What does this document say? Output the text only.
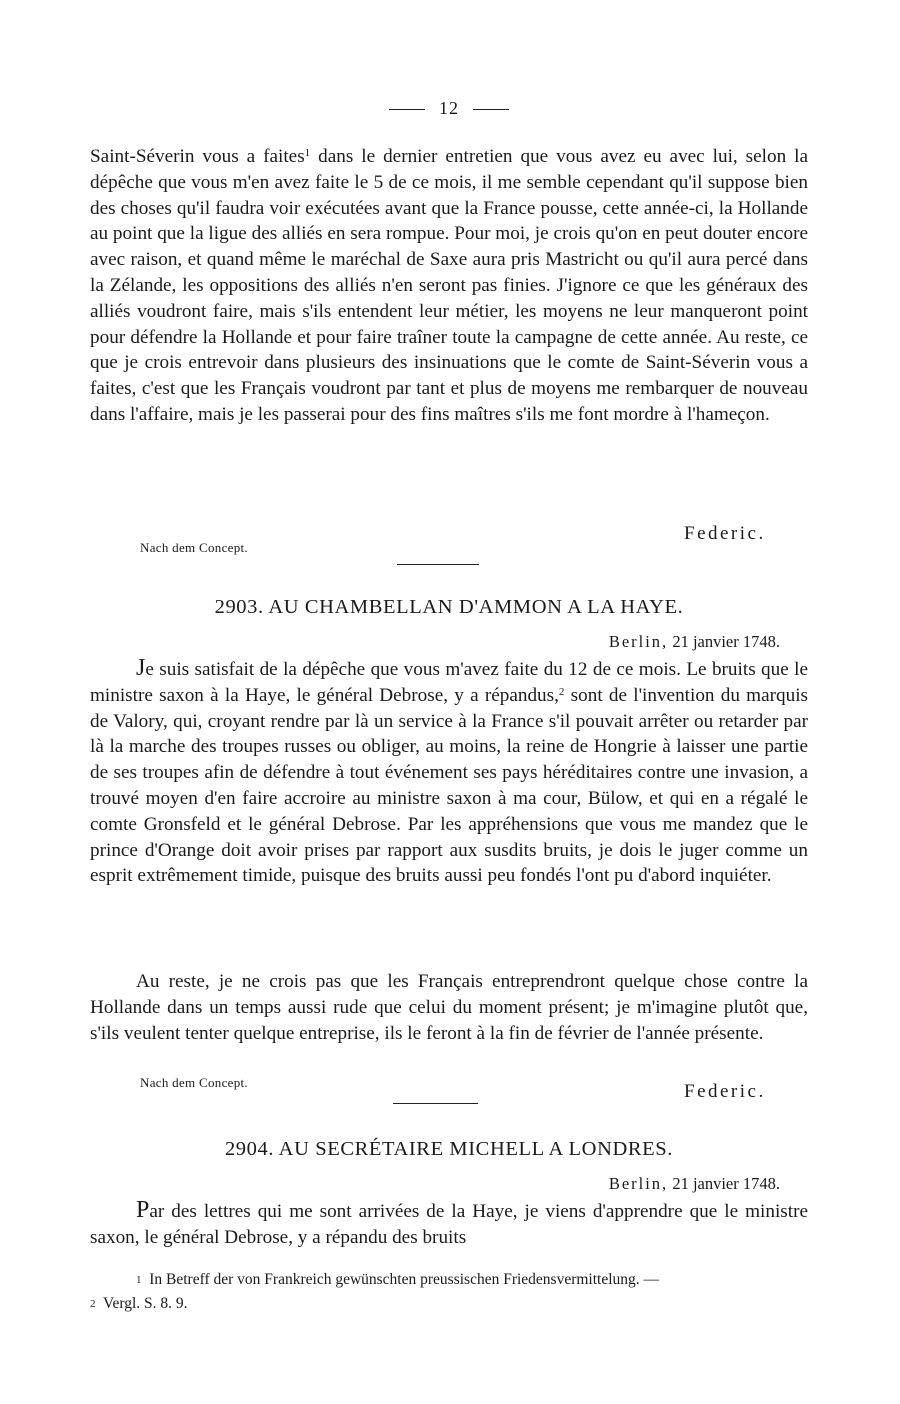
12

Saint-Séverin vous a faites$^1$ dans le dernier entretien que vous avez eu avec lui, selon la dépêche que vous m'en avez faite le 5 de ce mois, il me semble cependant qu'il suppose bien des choses qu'il faudra voir exécutées avant que la France pousse, cette année-ci, la Hollande au point que la ligue des alliés en sera rompue. Pour moi, je crois qu'on en peut douter encore avec raison, et quand même le maréchal de Saxe aura pris Mastricht ou qu'il aura percé dans la Zélande, les oppositions des alliés n'en seront pas finies. J'ignore ce que les généraux des alliés voudront faire, mais s'ils entendent leur métier, les moyens ne leur manqueront point pour défendre la Hollande et pour faire traîner toute la campagne de cette année. Au reste, ce que je crois entrevoir dans plusieurs des insinuations que le comte de Saint-Séverin vous a faites, c'est que les Français voudront par tant et plus de moyens me rembarquer de nouveau dans l'affaire, mais je les passerai pour des fins maîtres s'ils me font mordre à l'hameçon.

Federic.
Nach dem Concept.
2903. AU CHAMBELLAN D'AMMON A LA HAYE.
Berlin, 21 janvier 1748.

Je suis satisfait de la dépêche que vous m'avez faite du 12 de ce mois. Le bruits que le ministre saxon à la Haye, le général Debrose, y a répandus,$^2$ sont de l'invention du marquis de Valory, qui, croyant rendre par là un service à la France s'il pouvait arrêter ou retarder par là la marche des troupes russes ou obliger, au moins, la reine de Hongrie à laisser une partie de ses troupes afin de défendre à tout événement ses pays héréditaires contre une invasion, a trouvé moyen d'en faire accroire au ministre saxon à ma cour, Bülow, et qui en a régalé le comte Gronsfeld et le général Debrose. Par les appréhensions que vous me mandez que le prince d'Orange doit avoir prises par rapport aux susdits bruits, je dois le juger comme un esprit extrêmement timide, puisque des bruits aussi peu fondés l'ont pu d'abord inquiéter.

Au reste, je ne crois pas que les Français entreprendront quelque chose contre la Hollande dans un temps aussi rude que celui du moment présent; je m'imagine plutôt que, s'ils veulent tenter quelque entreprise, ils le feront à la fin de février de l'année présente.

Nach dem Concept.	Federic.
2904. AU SECRÉTAIRE MICHELL A LONDRES.
Berlin, 21 janvier 1748.

Par des lettres qui me sont arrivées de la Haye, je viens d'apprendre que le ministre saxon, le général Debrose, y a répandu des bruits

1 In Betreff der von Frankreich gewünschten preussischen Friedensvermittelung. —
2 Vergl. S. 8. 9.
